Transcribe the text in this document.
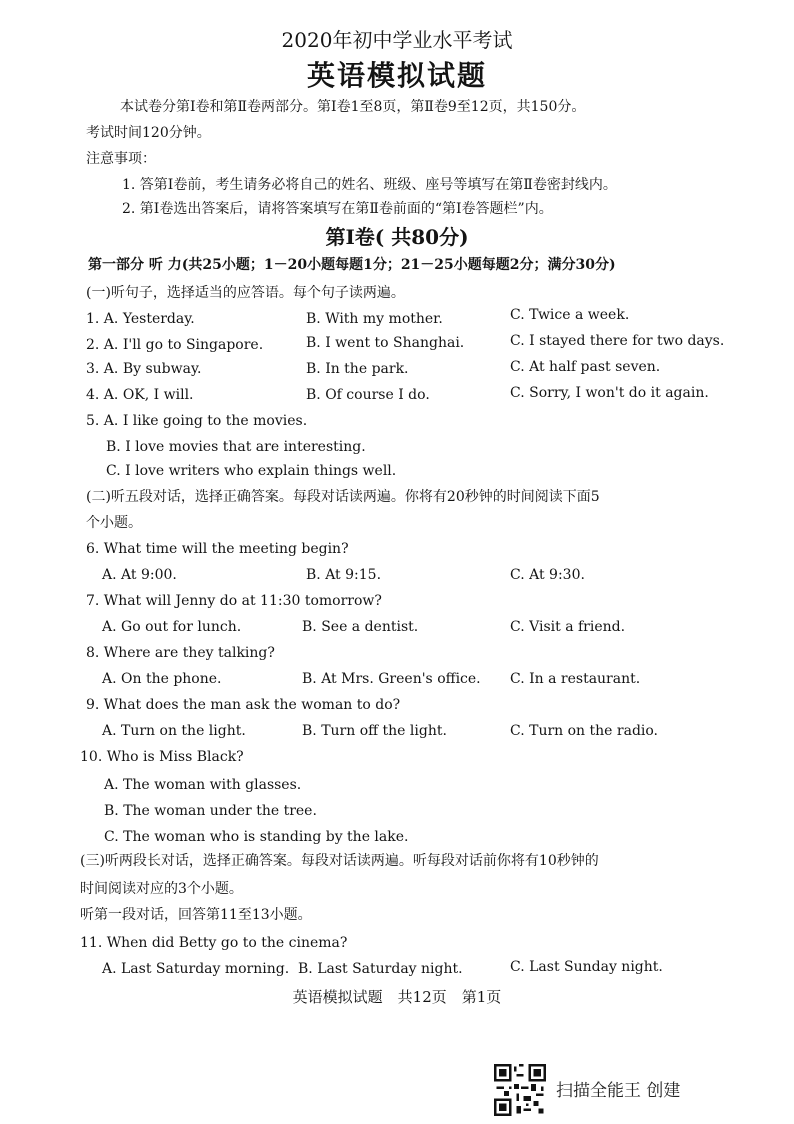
2020年初中学业水平考试
英语模拟试题
本试卷分第Ⅰ卷和第Ⅱ卷两部分。第Ⅰ卷1至8页，第Ⅱ卷9至12页，共150分。
考试时间120分钟。
注意事项：
1. 答第Ⅰ卷前，考生请务必将自己的姓名、班级、座号等填写在第Ⅱ卷密封线内。
2. 第Ⅰ卷选出答案后，请将答案填写在第Ⅱ卷前面的“第Ⅰ卷答题栏”内。
第Ⅰ卷( 共80分)
第一部分 听 力(共25小题；1－20小题每题1分；21－25小题每题2分；满分30分)
(一)听句子，选择适当的应答语。每个句子读两遍。
1. A. Yesterday.	B. With my mother.	C. Twice a week.
2. A. I'll go to Singapore.	B. I went to Shanghai.	C. I stayed there for two days.
3. A. By subway.	B. In the park.	C. At half past seven.
4. A. OK, I will.	B. Of course I do.	C. Sorry, I won't do it again.
5. A. I like going to the movies.
B. I love movies that are interesting.
C. I love writers who explain things well.
(二)听五段对话，选择正确答案。每段对话读两遍。你将有20秒钟的时间阅读下面5
个小题。
6. What time will the meeting begin?
A. At 9:00.	B. At 9:15.	C. At 9:30.
7. What will Jenny do at 11:30 tomorrow?
A. Go out for lunch.	B. See a dentist.	C. Visit a friend.
8. Where are they talking?
A. On the phone.	B. At Mrs. Green's office. C. In a restaurant.
9. What does the man ask the woman to do?
A. Turn on the light.	B. Turn off the light.	C. Turn on the radio.
10. Who is Miss Black?
A. The woman with glasses.
B. The woman under the tree.
C. The woman who is standing by the lake.
(三)听两段长对话，选择正确答案。每段对话读两遍。听每段对话前你将有10秒钟的
时间阅读对应的3个小题。
听第一段对话，回答第11至13小题。
11. When did Betty go to the cinema?
A. Last Saturday morning. B. Last Saturday night.	C. Last Sunday night.
英语模拟试题　共12页　第1页
扫描全能王 创建
